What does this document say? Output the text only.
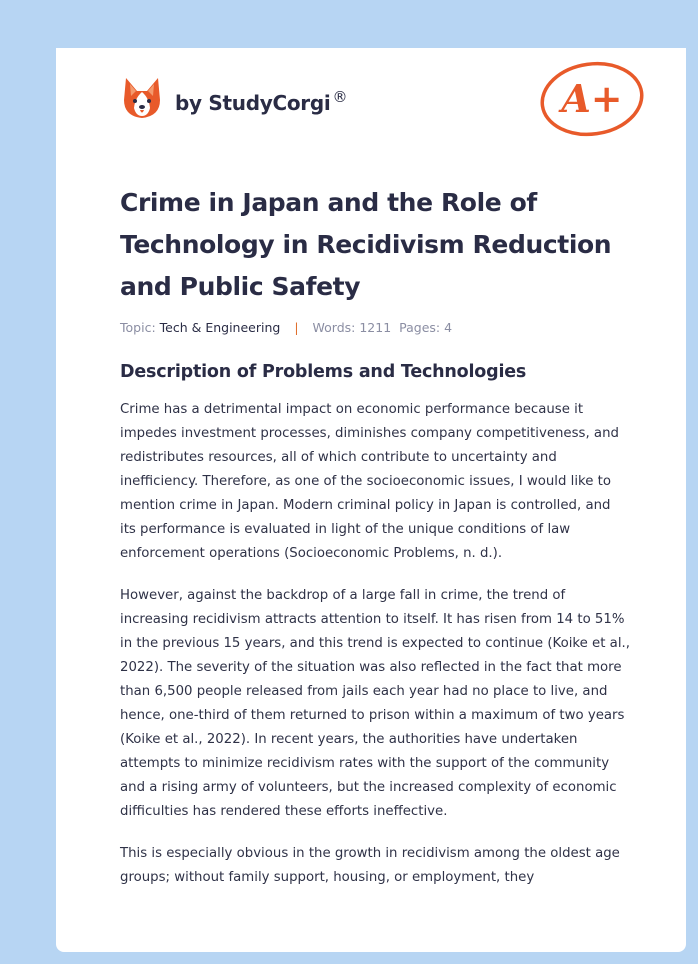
by StudyCorgi ®	A+
Crime in Japan and the Role of Technology in Recidivism Reduction and Public Safety
Topic: Tech & Engineering | Words: 1211 Pages: 4
Description of Problems and Technologies

Crime has a detrimental impact on economic performance because it impedes investment processes, diminishes company competitiveness, and redistributes resources, all of which contribute to uncertainty and inefficiency. Therefore, as one of the socioeconomic issues, I would like to mention crime in Japan. Modern criminal policy in Japan is controlled, and its performance is evaluated in light of the unique conditions of law enforcement operations (Socioeconomic Problems, n. d.).

However, against the backdrop of a large fall in crime, the trend of increasing recidivism attracts attention to itself. It has risen from 14 to 51% in the previous 15 years, and this trend is expected to continue (Koike et al., 2022). The severity of the situation was also reflected in the fact that more than 6,500 people released from jails each year had no place to live, and hence, one-third of them returned to prison within a maximum of two years (Koike et al., 2022). In recent years, the authorities have undertaken attempts to minimize recidivism rates with the support of the community and a rising army of volunteers, but the increased complexity of economic difficulties has rendered these efforts ineffective.

This is especially obvious in the growth in recidivism among the oldest age groups; without family support, housing, or employment, they
